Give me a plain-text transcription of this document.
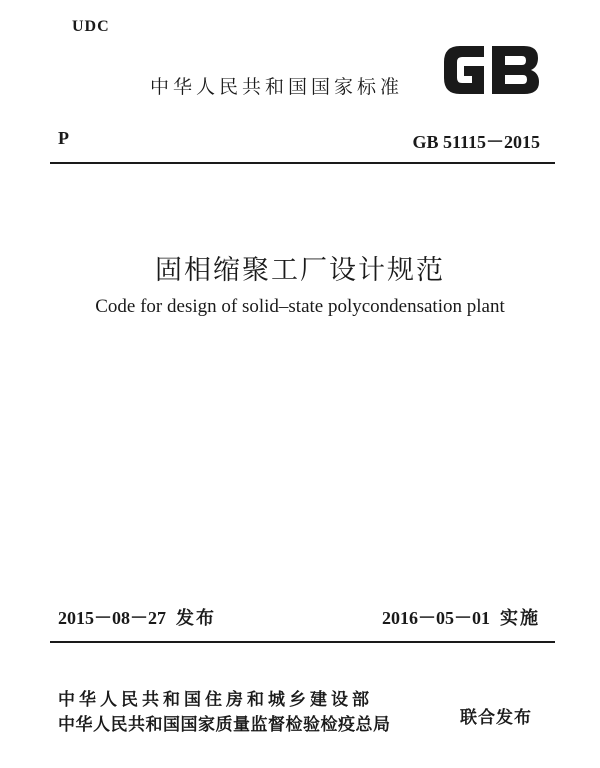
UDC
中华人民共和国国家标准
P	GB 51115－2015
固相缩聚工厂设计规范
Code for design of solid–state polycondensation plant
2015－08－27 发布	2016－05－01 实施
中华人民共和国住房和城乡建设部
中华人民共和国国家质量监督检验检疫总局	联合发布
